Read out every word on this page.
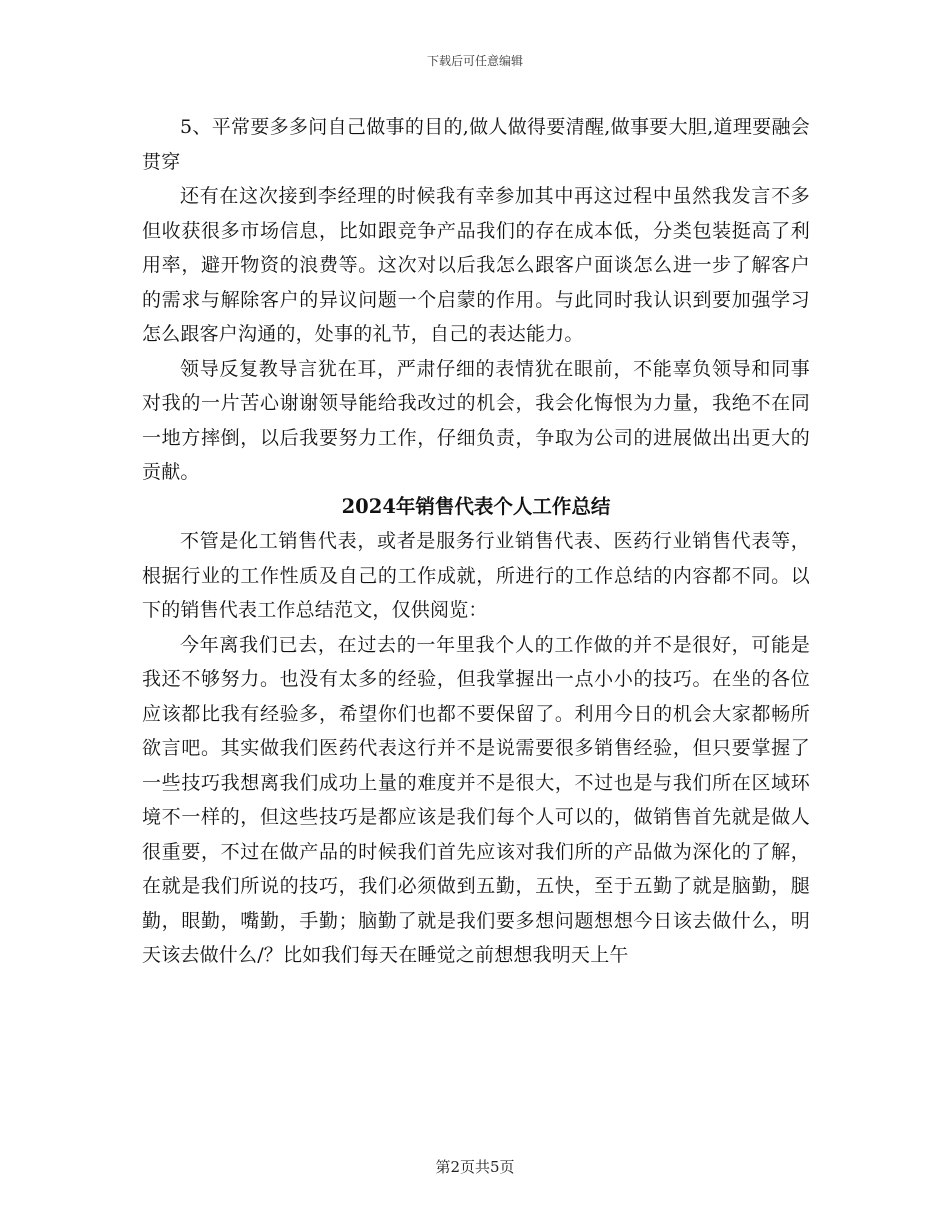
下载后可任意编辑

5、平常要多多问自己做事的目的,做人做得要清醒,做事要大胆,道理要融会贯穿

还有在这次接到李经理的时候我有幸参加其中再这过程中虽然我发言不多但收获很多市场信息，比如跟竞争产品我们的存在成本低，分类包装挺高了利用率，避开物资的浪费等。这次对以后我怎么跟客户面谈怎么进一步了解客户的需求与解除客户的异议问题一个启蒙的作用。与此同时我认识到要加强学习怎么跟客户沟通的，处事的礼节，自己的表达能力。

领导反复教导言犹在耳，严肃仔细的表情犹在眼前，不能辜负领导和同事对我的一片苦心谢谢领导能给我改过的机会，我会化悔恨为力量，我绝不在同一地方摔倒，以后我要努力工作，仔细负责，争取为公司的进展做出出更大的贡献。

2024年销售代表个人工作总结

不管是化工销售代表，或者是服务行业销售代表、医药行业销售代表等，根据行业的工作性质及自己的工作成就，所进行的工作总结的内容都不同。以下的销售代表工作总结范文，仅供阅览：

今年离我们已去，在过去的一年里我个人的工作做的并不是很好，可能是我还不够努力。也没有太多的经验，但我掌握出一点小小的技巧。在坐的各位应该都比我有经验多，希望你们也都不要保留了。利用今日的机会大家都畅所欲言吧。其实做我们医药代表这行并不是说需要很多销售经验，但只要掌握了一些技巧我想离我们成功上量的难度并不是很大，不过也是与我们所在区域环境不一样的，但这些技巧是都应该是我们每个人可以的，做销售首先就是做人很重要，不过在做产品的时候我们首先应该对我们所的产品做为深化的了解，在就是我们所说的技巧，我们必须做到五勤，五快，至于五勤了就是脑勤，腿勤，眼勤，嘴勤，手勤；脑勤了就是我们要多想问题想想今日该去做什么，明天该去做什么/？比如我们每天在睡觉之前想想我明天上午

第2页共5页
